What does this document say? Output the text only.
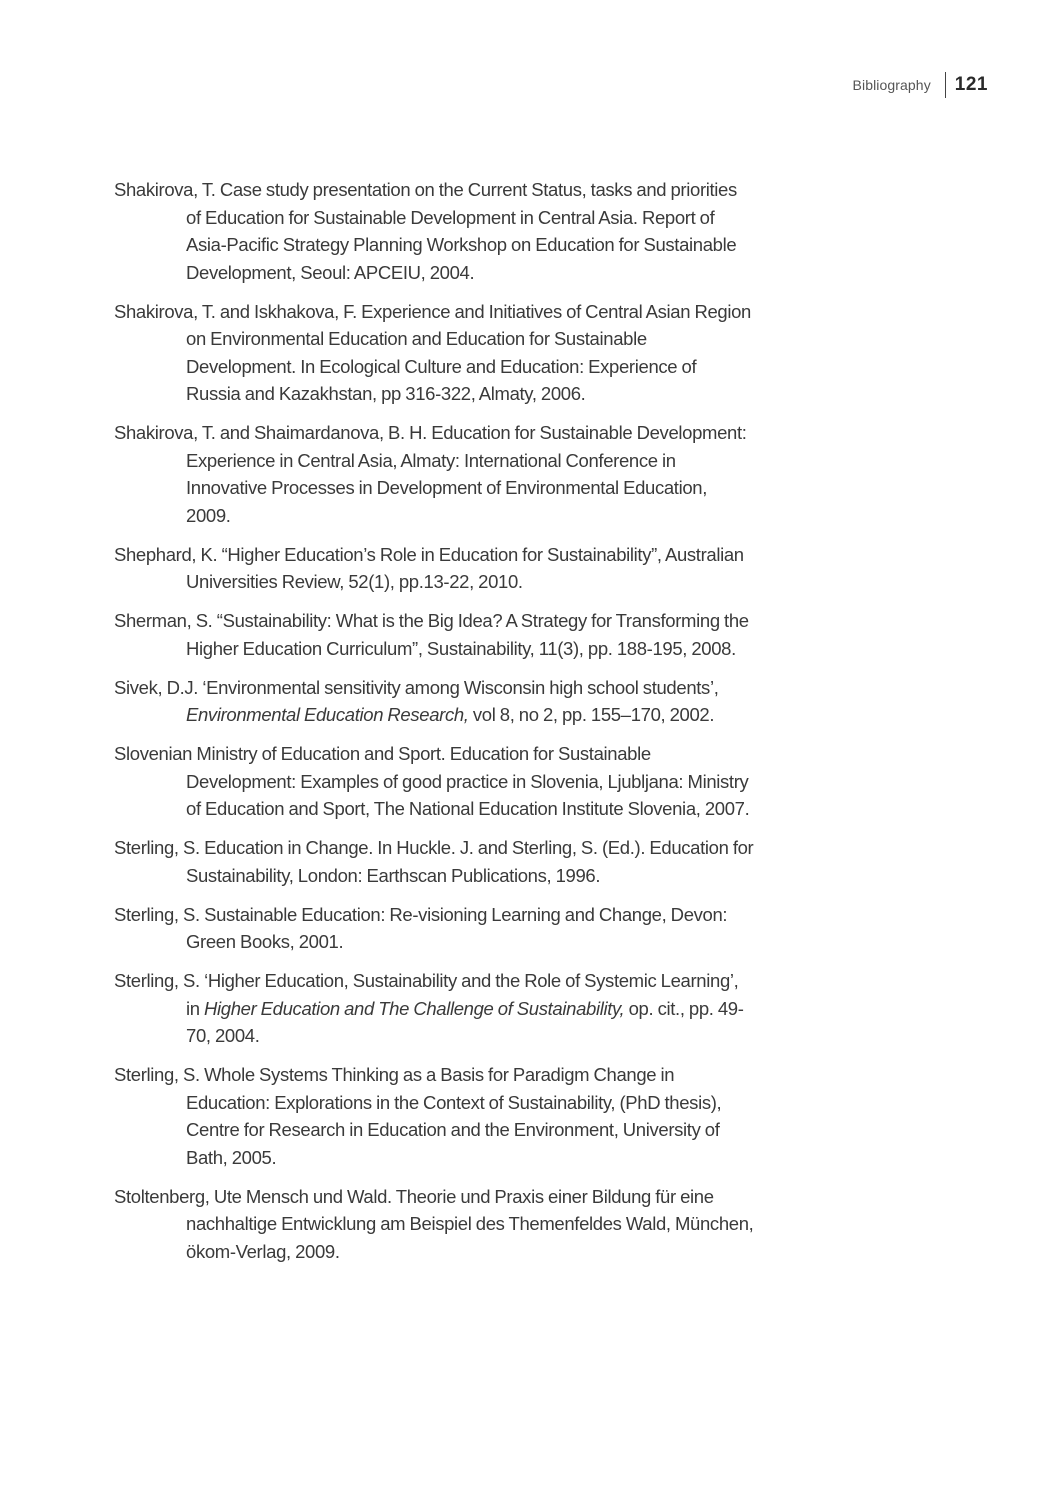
Bibliography	121
Shakirova, T. Case study presentation on the Current Status, tasks and priorities of Education for Sustainable Development in Central Asia. Report of Asia-Pacific Strategy Planning Workshop on Education for Sustainable Development, Seoul: APCEIU, 2004.
Shakirova, T. and Iskhakova, F. Experience and Initiatives of Central Asian Region on Environmental Education and Education for Sustainable Development. In Ecological Culture and Education: Experience of Russia and Kazakhstan, pp 316-322, Almaty, 2006.
Shakirova, T. and Shaimardanova, B. H. Education for Sustainable Development: Experience in Central Asia, Almaty: International Conference in Innovative Processes in Development of Environmental Education, 2009.
Shephard, K. “Higher Education’s Role in Education for Sustainability”, Australian Universities Review, 52(1), pp.13-22, 2010.
Sherman, S. “Sustainability: What is the Big Idea? A Strategy for Transforming the Higher Education Curriculum”, Sustainability, 11(3), pp. 188-195, 2008.
Sivek, D.J. ‘Environmental sensitivity among Wisconsin high school students’, Environmental Education Research, vol 8, no 2, pp. 155–170, 2002.
Slovenian Ministry of Education and Sport. Education for Sustainable Development: Examples of good practice in Slovenia, Ljubljana: Ministry of Education and Sport, The National Education Institute Slovenia, 2007.
Sterling, S. Education in Change. In Huckle. J. and Sterling, S. (Ed.). Education for Sustainability, London: Earthscan Publications, 1996.
Sterling, S. Sustainable Education: Re-visioning Learning and Change, Devon: Green Books, 2001.
Sterling, S. ‘Higher Education, Sustainability and the Role of Systemic Learning’, in Higher Education and The Challenge of Sustainability, op. cit., pp. 49-70, 2004.
Sterling, S. Whole Systems Thinking as a Basis for Paradigm Change in Education: Explorations in the Context of Sustainability, (PhD thesis), Centre for Research in Education and the Environment, University of Bath, 2005.
Stoltenberg, Ute Mensch und Wald. Theorie und Praxis einer Bildung für eine nachhaltige Entwicklung am Beispiel des Themenfeldes Wald, München, ökom-Verlag, 2009.
